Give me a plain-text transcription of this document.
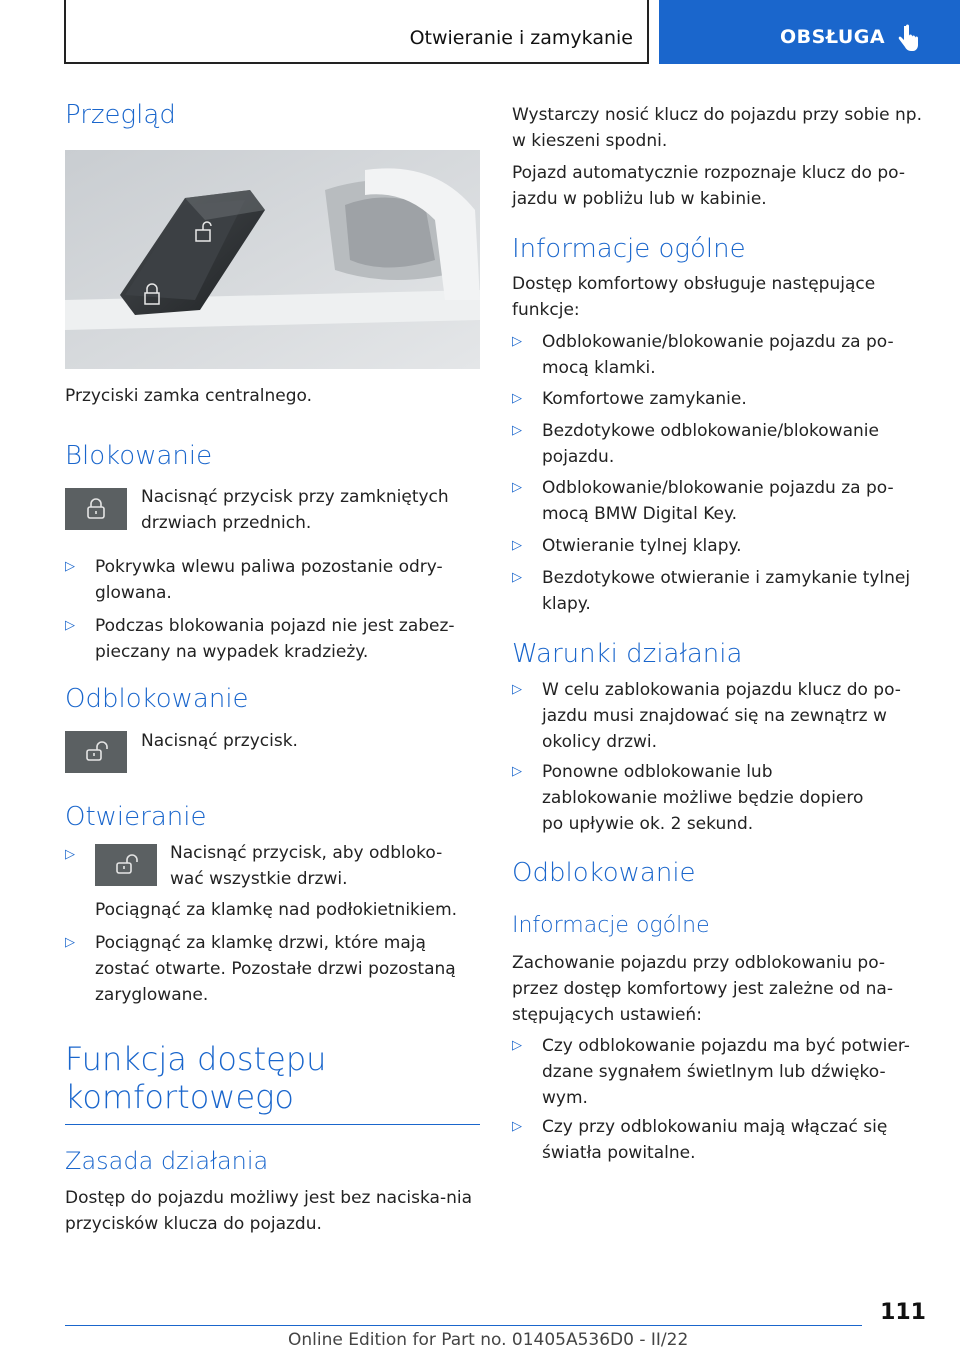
Otwieranie i zamykanie	OBSŁUGA
Przegląd
Przyciski zamka centralnego.
Blokowanie
Nacisnąć przycisk przy zamkniętych drzwiach przednich.
▷	Pokrywka wlewu paliwa pozostanie odry-glowana.
▷	Podczas blokowania pojazd nie jest zabez-pieczany na wypadek kradzieży.
Odblokowanie
Nacisnąć przycisk.
Otwieranie
▷	Nacisnąć przycisk, aby odbloko-wać wszystkie drzwi.
Pociągnąć za klamkę nad podłokietnikiem.
▷	Pociągnąć za klamkę drzwi, które mają zostać otwarte. Pozostałe drzwi pozostaną zaryglowane.
Funkcja dostępu
komfortowego
Zasada działania
Dostęp do pojazdu możliwy jest bez naciska-nia przycisków klucza do pojazdu.
Wystarczy nosić klucz do pojazdu przy sobie np. w kieszeni spodni.
Pojazd automatycznie rozpoznaje klucz do po-jazdu w pobliżu lub w kabinie.
Informacje ogólne
Dostęp komfortowy obsługuje następujące funkcje:
▷	Odblokowanie/blokowanie pojazdu za po-mocą klamki.
▷	Komfortowe zamykanie.
▷	Bezdotykowe odblokowanie/blokowanie pojazdu.
▷	Odblokowanie/blokowanie pojazdu za po-mocą BMW Digital Key.
▷	Otwieranie tylnej klapy.
▷	Bezdotykowe otwieranie i zamykanie tylnej klapy.
Warunki działania
▷	W celu zablokowania pojazdu klucz do po-jazdu musi znajdować się na zewnątrz w okolicy drzwi.
▷	Ponowne odblokowanie lub zablokowanie możliwe będzie dopiero po upływie ok. 2 sekund.
Odblokowanie
Informacje ogólne
Zachowanie pojazdu przy odblokowaniu po-przez dostęp komfortowy jest zależne od na-stępujących ustawień:
▷	Czy odblokowanie pojazdu ma być potwier-dzane sygnałem świetlnym lub dźwięko-wym.
▷	Czy przy odblokowaniu mają włączać się światła powitalne.
111
Online Edition for Part no. 01405A536D0 - II/22
